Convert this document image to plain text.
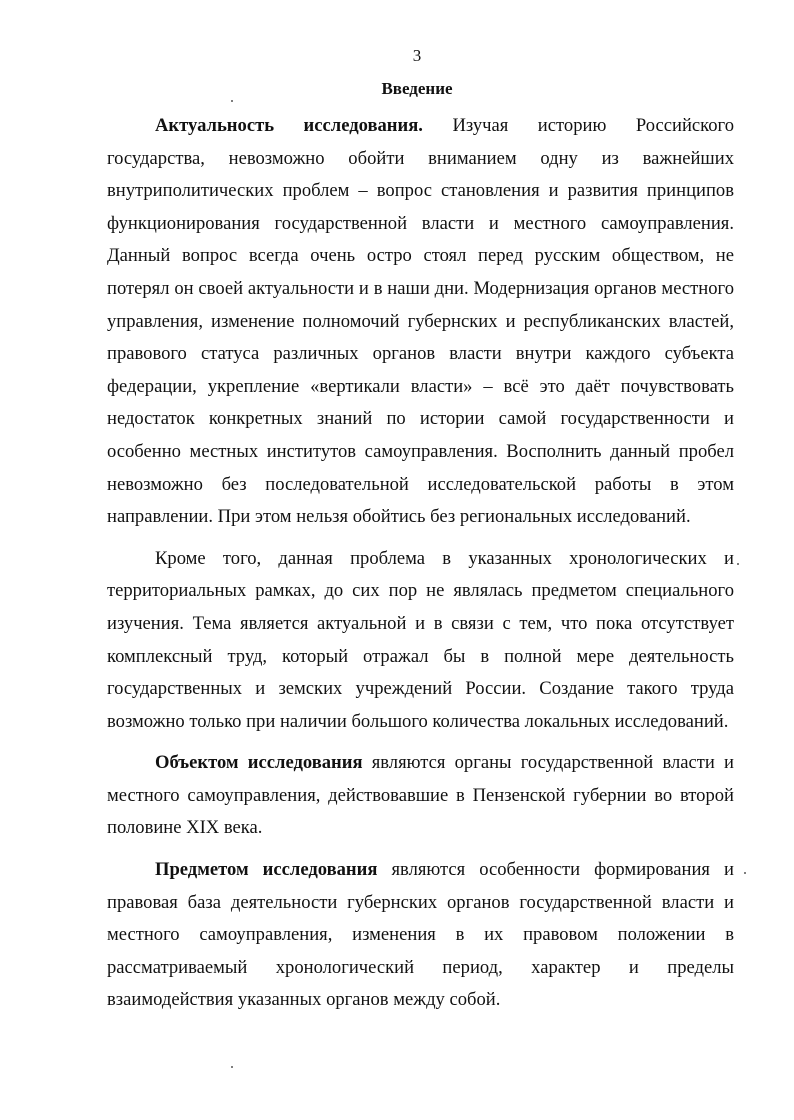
3
Введение

Актуальность исследования. Изучая историю Российского государства, невозможно обойти вниманием одну из важнейших внутриполитических проблем – вопрос становления и развития принципов функционирования государственной власти и местного самоуправления. Данный вопрос всегда очень остро стоял перед русским обществом, не потерял он своей актуальности и в наши дни. Модернизация органов местного управления, изменение полномочий губернских и республиканских властей, правового статуса различных органов власти внутри каждого субъекта федерации, укрепление «вертикали власти» – всё это даёт почувствовать недостаток конкретных знаний по истории самой государственности и особенно местных институтов самоуправления. Восполнить данный пробел невозможно без последовательной исследовательской работы в этом направлении. При этом нельзя обойтись без региональных исследований.

Кроме того, данная проблема в указанных хронологических и территориальных рамках, до сих пор не являлась предметом специального изучения. Тема является актуальной и в связи с тем, что пока отсутствует комплексный труд, который отражал бы в полной мере деятельность государственных и земских учреждений России. Создание такого труда возможно только при наличии большого количества локальных исследований.

Объектом исследования являются органы государственной власти и местного самоуправления, действовавшие в Пензенской губернии во второй половине XIX века.

Предметом исследования являются особенности формирования и правовая база деятельности губернских органов государственной власти и местного самоуправления, изменения в их правовом положении в рассматриваемый хронологический период, характер и пределы взаимодействия указанных органов между собой.
